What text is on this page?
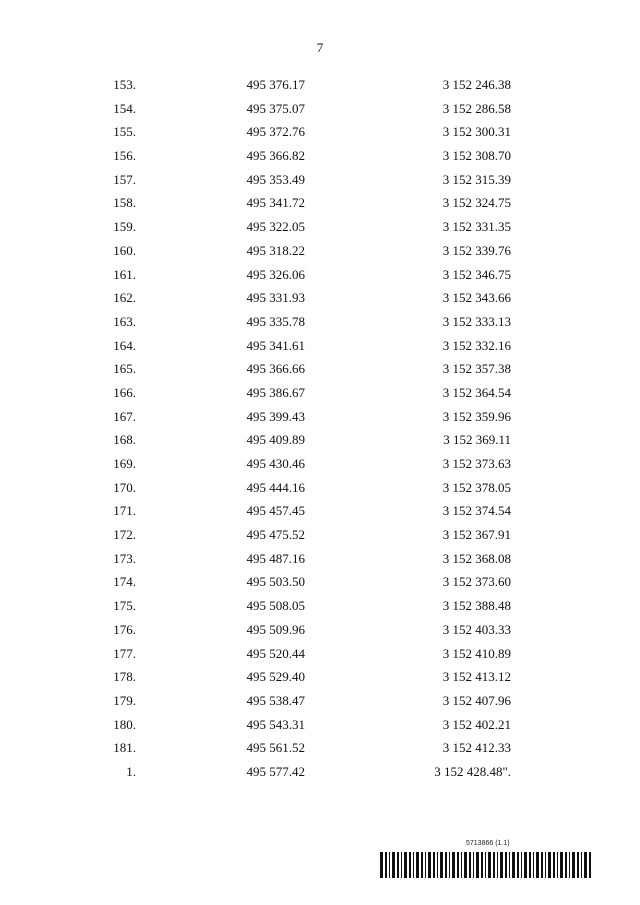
7
153.	495 376.17	3 152 246.38
154.	495 375.07	3 152 286.58
155.	495 372.76	3 152 300.31
156.	495 366.82	3 152 308.70
157.	495 353.49	3 152 315.39
158.	495 341.72	3 152 324.75
159.	495 322.05	3 152 331.35
160.	495 318.22	3 152 339.76
161.	495 326.06	3 152 346.75
162.	495 331.93	3 152 343.66
163.	495 335.78	3 152 333.13
164.	495 341.61	3 152 332.16
165.	495 366.66	3 152 357.38
166.	495 386.67	3 152 364.54
167.	495 399.43	3 152 359.96
168.	495 409.89	3 152 369.11
169.	495 430.46	3 152 373.63
170.	495 444.16	3 152 378.05
171.	495 457.45	3 152 374.54
172.	495 475.52	3 152 367.91
173.	495 487.16	3 152 368.08
174.	495 503.50	3 152 373.60
175.	495 508.05	3 152 388.48
176.	495 509.96	3 152 403.33
177.	495 520.44	3 152 410.89
178.	495 529.40	3 152 413.12
179.	495 538.47	3 152 407.96
180.	495 543.31	3 152 402.21
181.	495 561.52	3 152 412.33
1.	495 577.42	3 152 428.48".
5713866 (1.1)
